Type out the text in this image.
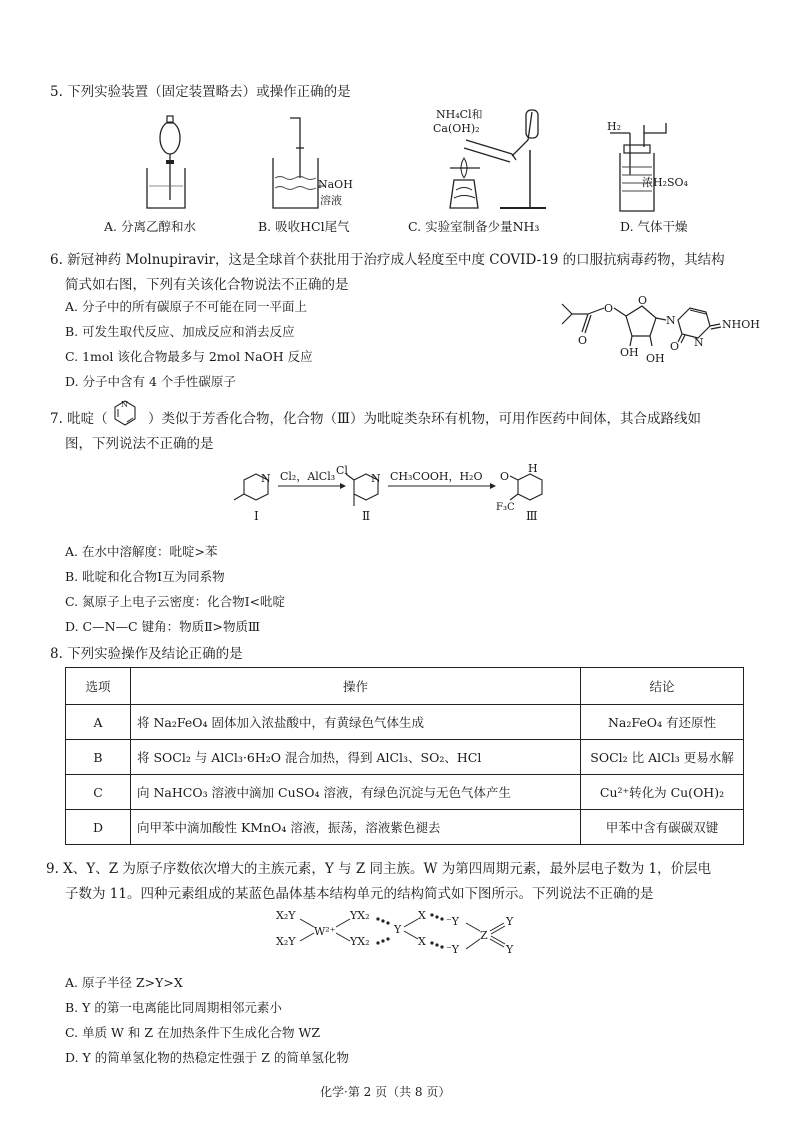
5. 下列实验装置（固定装置略去）或操作正确的是
A. 分离乙醇和水
NaOH
溶液
B. 吸收HCl尾气
NH₄Cl和
Ca(OH)₂
C. 实验室制备少量NH₃
H₂
浓H₂SO₄
D. 气体干燥
6. 新冠神药 Molnupiravir，这是全球首个获批用于治疗成人轻度至中度 COVID-19 的口服抗病毒药物，其结构
简式如右图，下列有关该化合物说法不正确的是
A. 分子中的所有碳原子不可能在同一平面上
B. 可发生取代反应、加成反应和消去反应
C. 1mol 该化合物最多与 2mol NaOH 反应
D. 分子中含有 4 个手性碳原子
O
O
O
N
N
O
NHOH
OH OH
7. 吡啶（
N
）类似于芳香化合物，化合物（Ⅲ）为吡啶类杂环有机物，可用作医药中间体，其合成路线如
图，下列说法不正确的是
N
Ⅰ
Cl₂，AlCl₃ Cl
N
Ⅱ
CH₃COOH，H₂O
H
O
F₃C
Ⅲ
A. 在水中溶解度：吡啶>苯
B. 吡啶和化合物Ⅰ互为同系物
C. 氮原子上电子云密度：化合物Ⅰ<吡啶
D. C—N—C 键角：物质Ⅱ>物质Ⅲ
8. 下列实验操作及结论正确的是
选项	操作	结论
A	将 Na₂FeO₄ 固体加入浓盐酸中，有黄绿色气体生成	Na₂FeO₄ 有还原性
B	将 SOCl₂ 与 AlCl₃·6H₂O 混合加热，得到 AlCl₃、SO₂、HCl	SOCl₂ 比 AlCl₃ 更易水解
C	向 NaHCO₃ 溶液中滴加 CuSO₄ 溶液，有绿色沉淀与无色气体产生	Cu²⁺转化为 Cu(OH)₂
D	向甲苯中滴加酸性 KMnO₄ 溶液，振荡，溶液紫色褪去	甲苯中含有碳碳双键
9. X、Y、Z 为原子序数依次增大的主族元素，Y 与 Z 同主族。W 为第四周期元素，最外层电子数为 1，价层电
子数为 11。四种元素组成的某蓝色晶体基本结构单元的结构简式如下图所示。下列说法不正确的是
X₂Y
X₂Y
W²⁺
YX₂
YX₂
Y
X
X
⁻Y
⁻Y
Z
Y
Y
A. 原子半径 Z>Y>X
B. Y 的第一电离能比同周期相邻元素小
C. 单质 W 和 Z 在加热条件下生成化合物 WZ
D. Y 的简单氢化物的热稳定性强于 Z 的简单氢化物
化学·第 2 页（共 8 页）
